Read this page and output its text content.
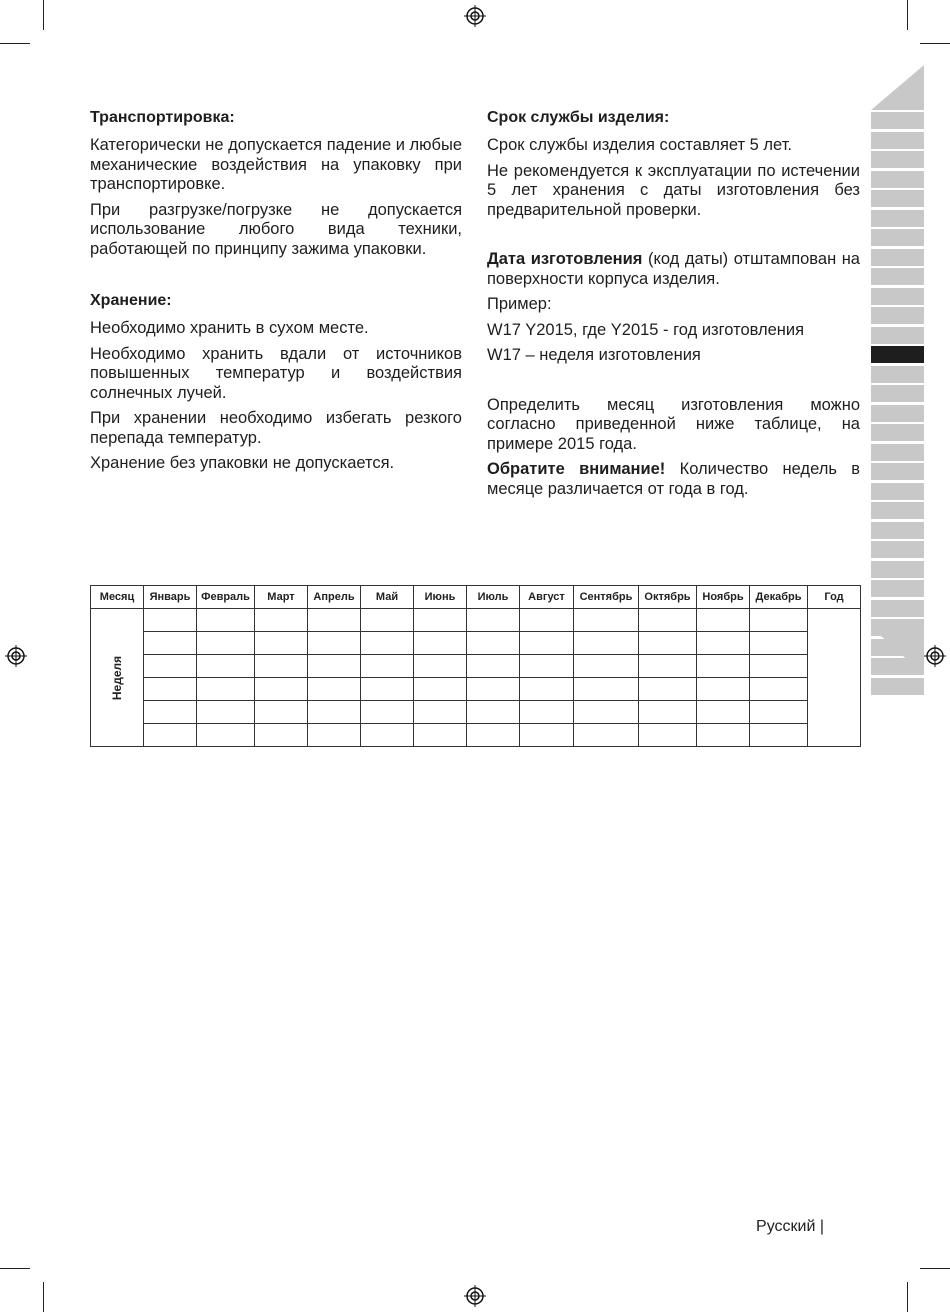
Транспортировка:

Категорически не допускается падение и любые механические воздействия на упаковку при транспортировке.

При разгрузке/погрузке не допускается использование любого вида техники, работающей по принципу зажима упаковки.

Хранение:

Необходимо хранить в сухом месте.

Необходимо хранить вдали от источников повышенных температур и воздействия солнечных лучей.

При хранении необходимо избегать резкого перепада температур.

Хранение без упаковки не допускается.

Срок службы изделия:

Срок службы изделия составляет 5 лет.

Не рекомендуется к эксплуатации по истечении 5 лет хранения с даты изготовления без предварительной проверки.

Дата изготовления (код даты) отштампован на поверхности корпуса изделия.

Пример:

W17 Y2015, где Y2015 - год изготовления

W17 – неделя изготовления

Определить месяц изготовления можно согласно приведенной ниже таблице, на примере 2015 года.

Обратите внимание! Количество недель в месяце различается от года в год.

Месяц	Январь	Февраль	Март	Апрель	Май	Июнь	Июль	Август	Сентябрь	Октябрь	Ноябрь	Декабрь	Год
Неделя													

Русский |
